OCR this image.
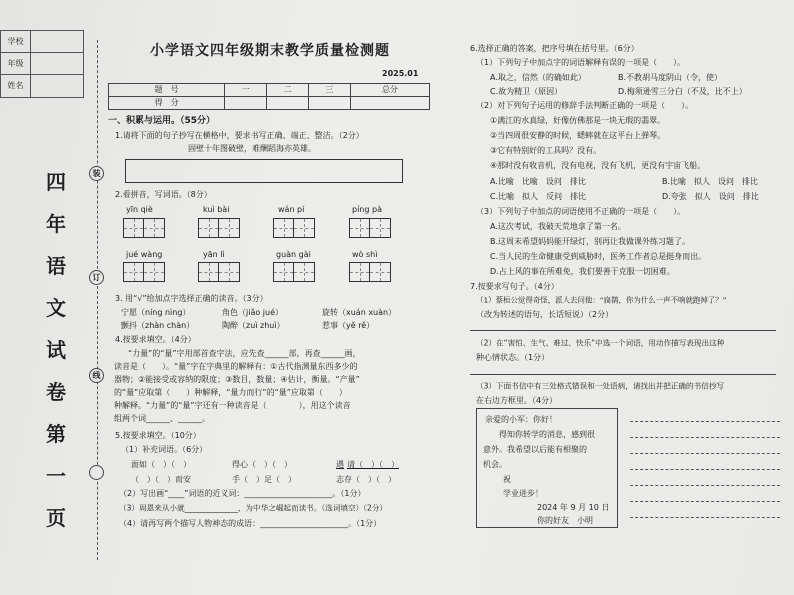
学校
年级
姓名
四
年
语
文
试
卷
第
一
页
装
订
线
小学语文四年级期末教学质量检测题
2025.01
题　号	一	二	三	总分
得　分				
一、积累与运用。（55分）
1.请将下面的句子抄写在横格中，要求书写正确、端正、整洁。（2分）
固壁十年图破壁，难酬蹈海亦英雄。
2.看拼音，写词语。（8分）
yīn qiè	kuì bài	wán pí	píng pà
jué wàng	yān lì	guàn gài	wò shì
3. 用“√”给加点字选择正确的读音。（3分）
宁愿（níng nìng）	角色（jiǎo jué）	旋转（xuán xuàn）
颤抖（zhàn chàn）	陶醉（zuì zhuì）	惹事（yě rě）
4.按要求填空。（4分）
“力量”的“量”字用部首查字法，应先查______部，再查______画，
读音是（　　）。“量”字在字典里的解释有：①古代指测量东西多少的
器物；②能接受或容纳的限度；③数目，数量；④估计，衡量。“产量”
的“量”应取第（　　）种解释，“量力而行”的“量”应取第（　　）
种解释。“力量”的“量”字还有一种读音是（　　　　），用这个读音
组两个词______、______。
5.按要求填空。（10分）
（1）补充词语。（6分）
面如（　）（　）	得心（　）（　）	遇 请（　）（　）
（　）（　）而安	手（　）足（　）	志存（　）（　）
（2）写出画“____”词语的近义词：______________________。（1分）
（3）周恩来从小就______________，为中华之崛起而读书。（选词填空）（2分）
（4）请再写两个描写人物神态的成语：______________________。（1分）
6.选择正确的答案，把序号填在括号里。（6分）
（1）下列句子中加点字的词语解释有误的一项是（　　）。
A.取之，信然（的确如此）	B.不教胡马度阴山（令，使）
C.故为精卫（原因）	D.梅须逊雪三分白（不及，比不上）
（2）对下列句子运用的修辞手法判断正确的一项是（　　）。
①满江的水真绿，好像仿佛那是一块无瑕的翡翠。
②当四周很安静的时候，蟋蟀就在这平台上弹琴。
③它有特别好的工具吗？没有。
④那时没有收音机，没有电视，没有飞机，更没有宇宙飞船。
A.比喻　比喻　设问　排比	B.比喻　拟人　设问　排比
C.比喻　拟人　反问　排比	D.夸张　拟人　设问　排比
（3）下列句子中加点的词语使用不正确的一项是（　　）。
A.这次考试，我破天荒地拿了第一名。
B.这周末希望妈妈能开绿灯，别再让我做课外练习题了。
C.当人民的生命健康受到威胁时，医务工作者总是挺身而出。
D.占上风的事在所难免，我们要善于克服一切困难。
7.按要求写句子。（4分）
（1）蔡桓公觉得奇怪，派人去问他：“扁鹊，你为什么一声不响就跑掉了？”
（改为转述的语句，长话短说）（2分）
（2）在“害怕、生气、难过、快乐”中选一个词语，用动作描写表现出这种
种心情状态。（1分）
（3）下面书信中有三处格式错误和一处语病，请找出并把正确的书信抄写
在右边方框里。（4分）
亲爱的小军：你好！
得知你转学的消息，感到很
意外。我希望以后能有相聚的
机会。
祝
学业进步！
2024 年 9 月 10 日
你的好友　小明
